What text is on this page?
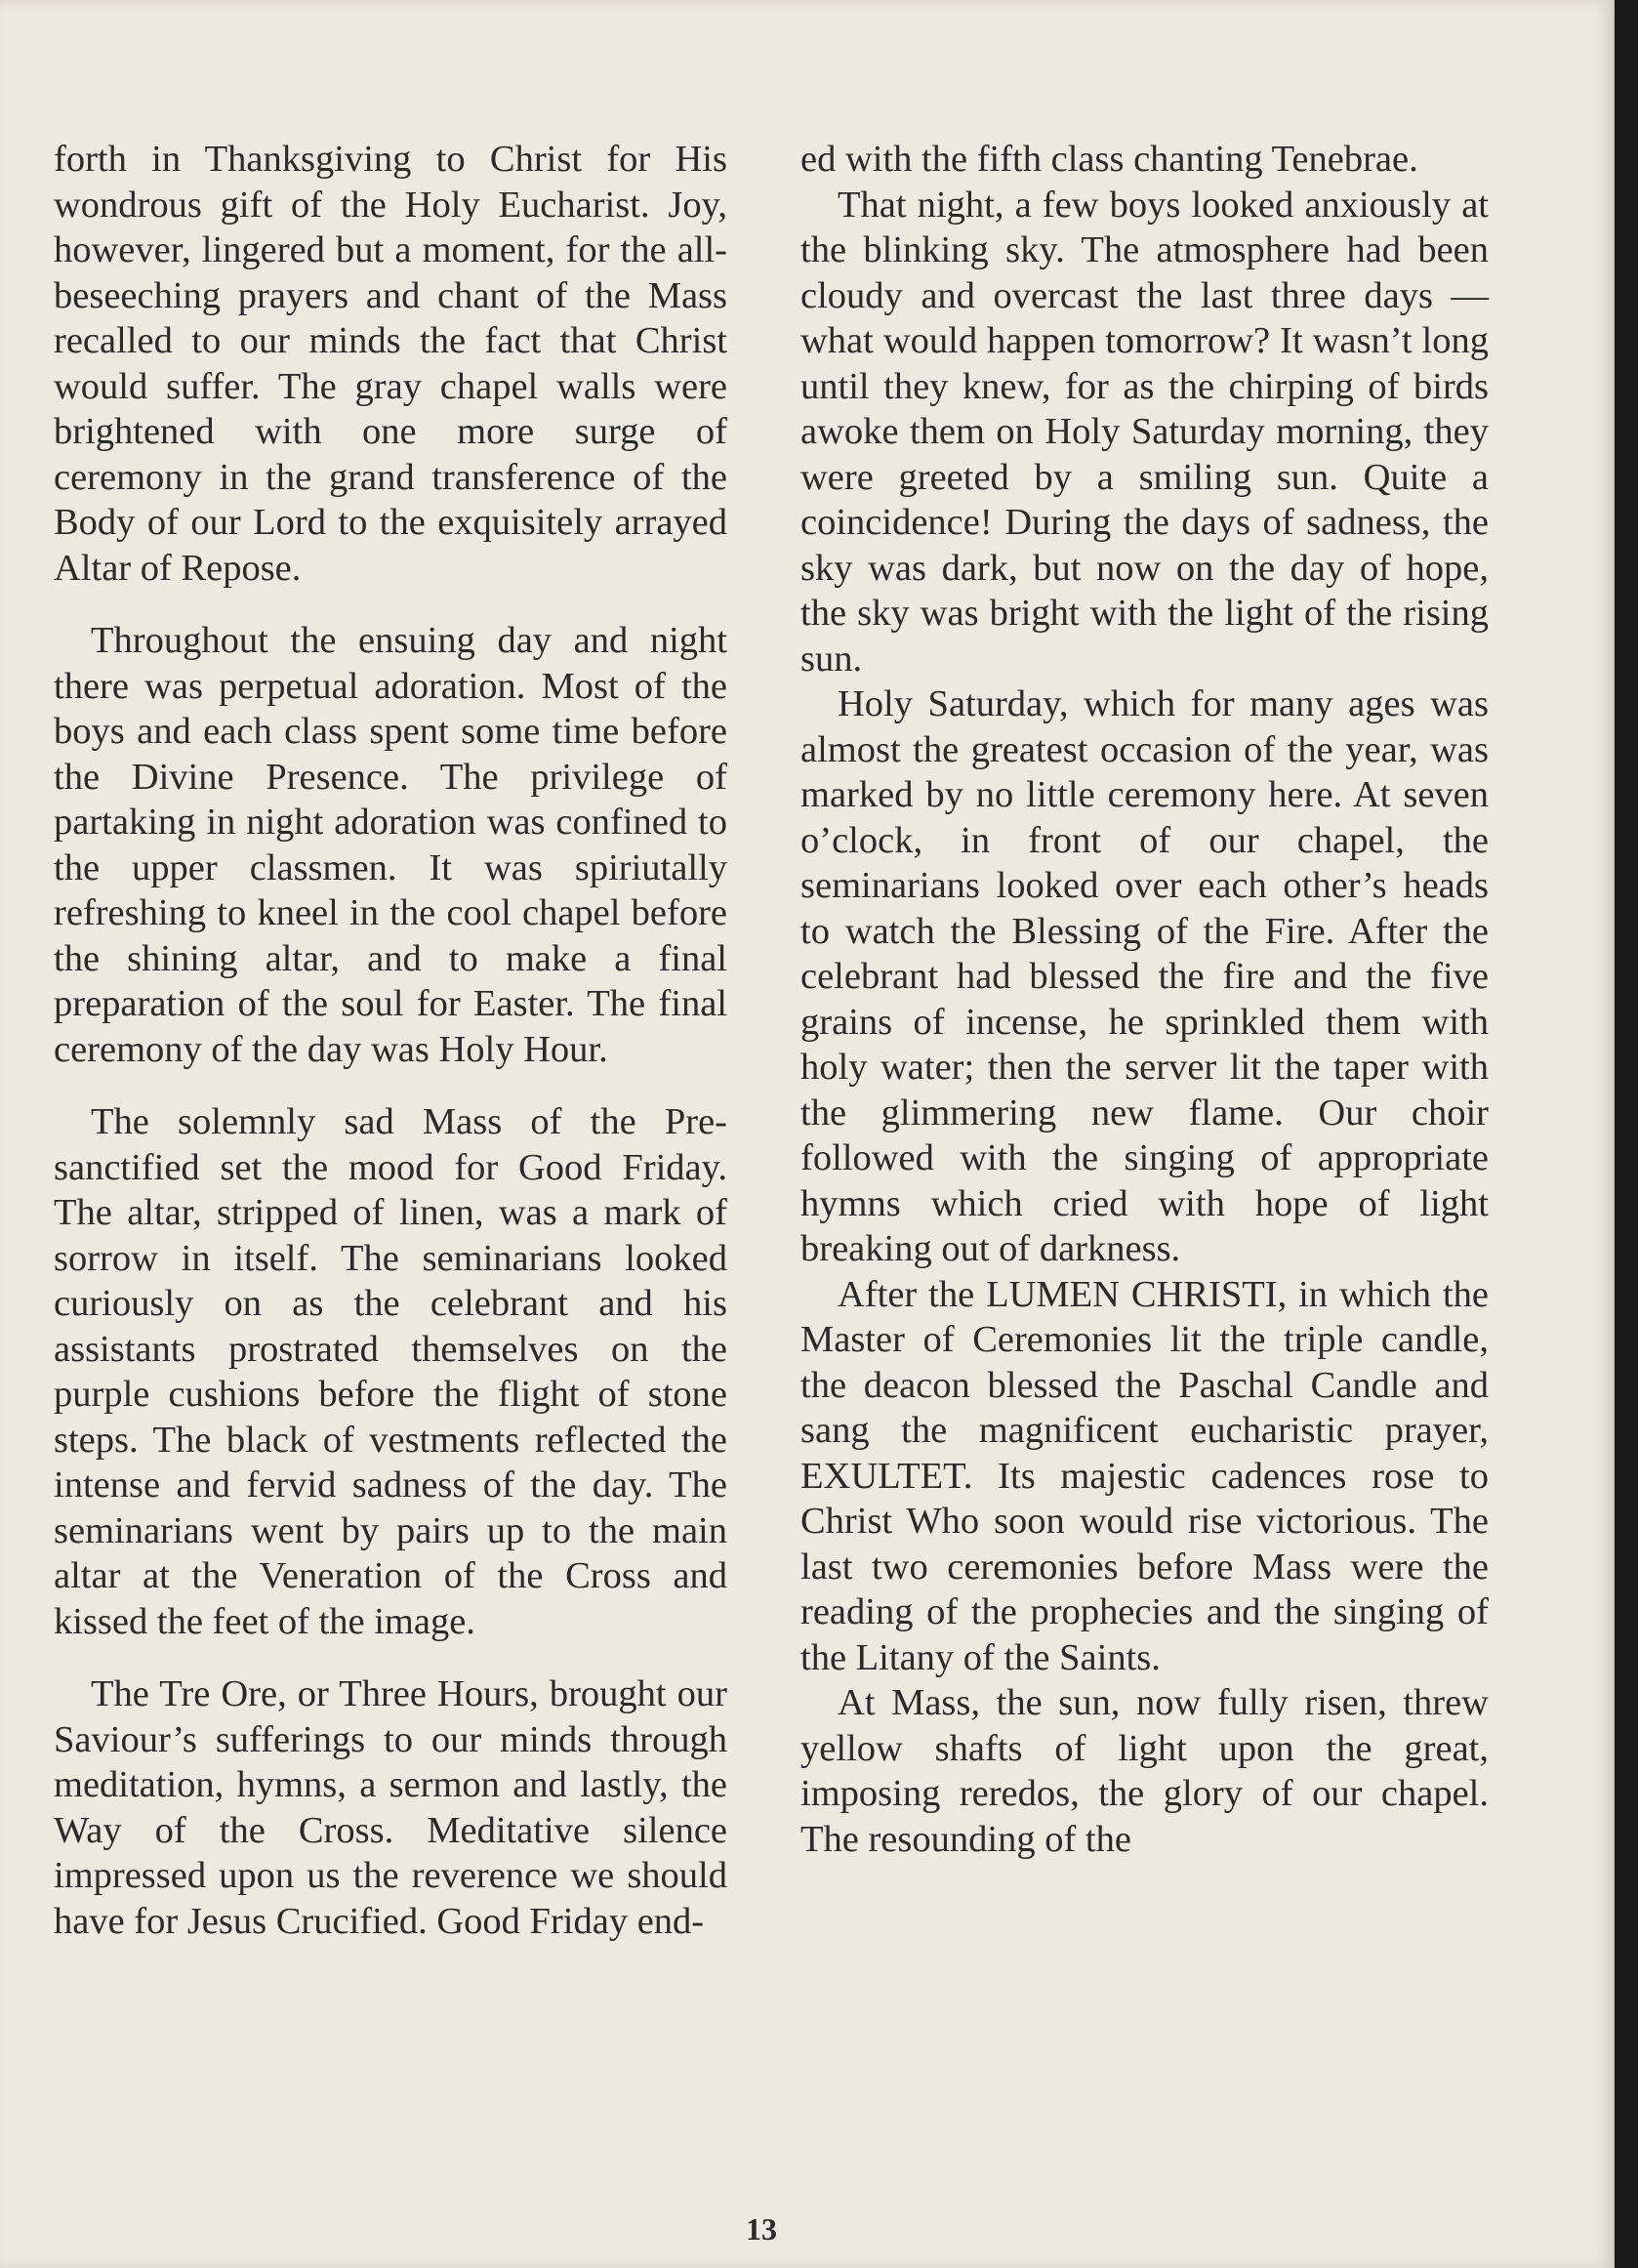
forth in Thanksgiving to Christ for His wondrous gift of the Holy Eucharist. Joy, however, lingered but a moment, for the all-beseeching prayers and chant of the Mass recalled to our minds the fact that Christ would suffer. The gray chapel walls were brightened with one more surge of ceremony in the grand transference of the Body of our Lord to the exquisitely arrayed Altar of Repose.

Throughout the ensuing day and night there was perpetual adoration. Most of the boys and each class spent some time before the Divine Presence. The privilege of partaking in night adoration was confined to the upper classmen. It was spiriutally refreshing to kneel in the cool chapel before the shining altar, and to make a final preparation of the soul for Easter. The final ceremony of the day was Holy Hour.

The solemnly sad Mass of the Presanctified set the mood for Good Friday. The altar, stripped of linen, was a mark of sorrow in itself. The seminarians looked curiously on as the celebrant and his assistants prostrated themselves on the purple cushions before the flight of stone steps. The black of vestments reflected the intense and fervid sadness of the day. The seminarians went by pairs up to the main altar at the Veneration of the Cross and kissed the feet of the image.

The Tre Ore, or Three Hours, brought our Saviour’s sufferings to our minds through meditation, hymns, a sermon and lastly, the Way of the Cross. Meditative silence impressed upon us the reverence we should have for Jesus Crucified. Good Friday end-

ed with the fifth class chanting Tenebrae.

That night, a few boys looked anxiously at the blinking sky. The atmosphere had been cloudy and overcast the last three days — what would happen tomorrow? It wasn’t long until they knew, for as the chirping of birds awoke them on Holy Saturday morning, they were greeted by a smiling sun. Quite a coincidence! During the days of sadness, the sky was dark, but now on the day of hope, the sky was bright with the light of the rising sun.

Holy Saturday, which for many ages was almost the greatest occasion of the year, was marked by no little ceremony here. At seven o’clock, in front of our chapel, the seminarians looked over each other’s heads to watch the Blessing of the Fire. After the celebrant had blessed the fire and the five grains of incense, he sprinkled them with holy water; then the server lit the taper with the glimmering new flame. Our choir followed with the singing of appropriate hymns which cried with hope of light breaking out of darkness.

After the LUMEN CHRISTI, in which the Master of Ceremonies lit the triple candle, the deacon blessed the Paschal Candle and sang the magnificent eucharistic prayer, EXULTET. Its majestic cadences rose to Christ Who soon would rise victorious. The last two ceremonies before Mass were the reading of the prophecies and the singing of the Litany of the Saints.

At Mass, the sun, now fully risen, threw yellow shafts of light upon the great, imposing reredos, the glory of our chapel. The resounding of the

13
